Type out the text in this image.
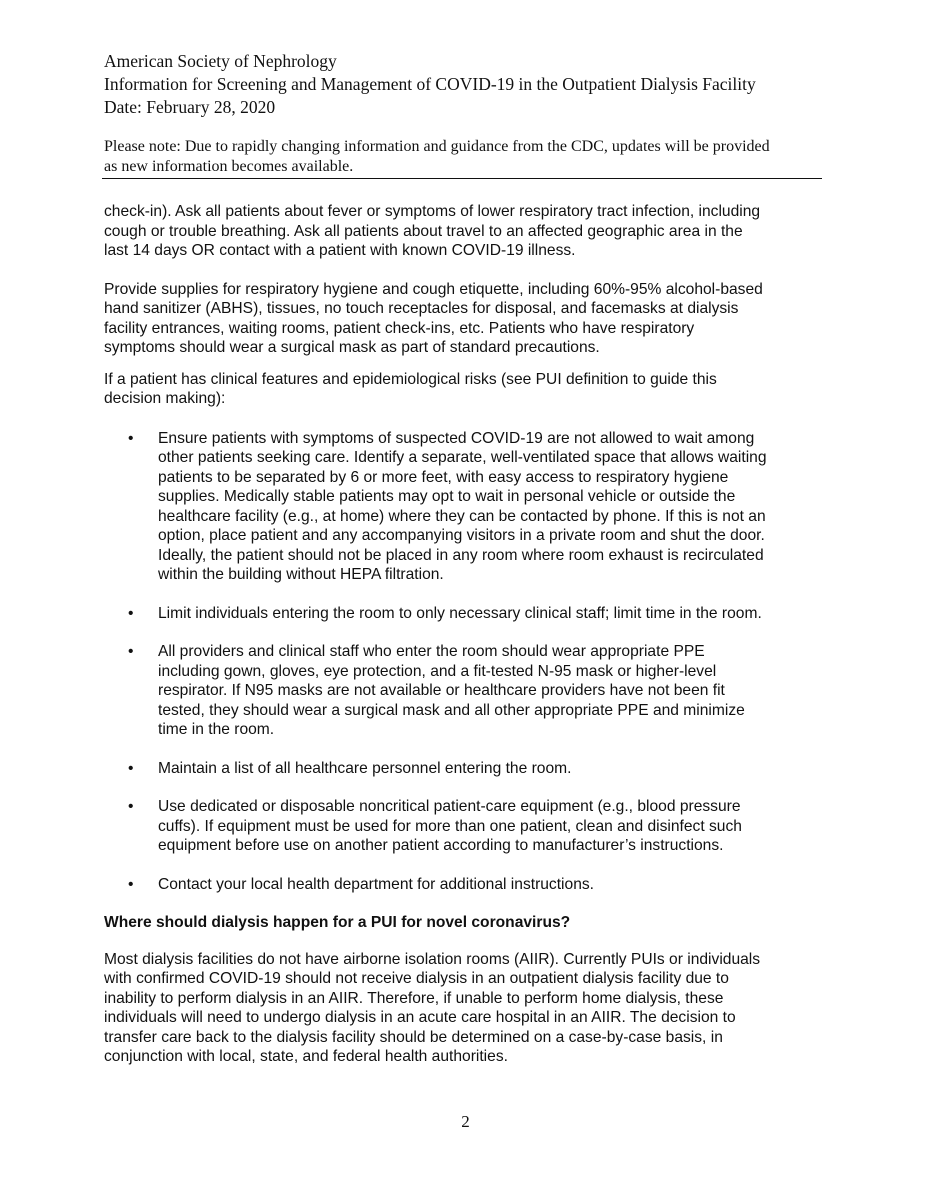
American Society of Nephrology
Information for Screening and Management of COVID-19 in the Outpatient Dialysis Facility
Date: February 28, 2020
Please note: Due to rapidly changing information and guidance from the CDC, updates will be provided
as new information becomes available.
check-in). Ask all patients about fever or symptoms of lower respiratory tract infection, including
cough or trouble breathing. Ask all patients about travel to an affected geographic area in the
last 14 days OR contact with a patient with known COVID-19 illness.
Provide supplies for respiratory hygiene and cough etiquette, including 60%-95% alcohol-based
hand sanitizer (ABHS), tissues, no touch receptacles for disposal, and facemasks at dialysis
facility entrances, waiting rooms, patient check-ins, etc. Patients who have respiratory
symptoms should wear a surgical mask as part of standard precautions.
If a patient has clinical features and epidemiological risks (see PUI definition to guide this
decision making):
• Ensure patients with symptoms of suspected COVID-19 are not allowed to wait among
other patients seeking care. Identify a separate, well-ventilated space that allows waiting
patients to be separated by 6 or more feet, with easy access to respiratory hygiene
supplies. Medically stable patients may opt to wait in personal vehicle or outside the
healthcare facility (e.g., at home) where they can be contacted by phone. If this is not an
option, place patient and any accompanying visitors in a private room and shut the door.
Ideally, the patient should not be placed in any room where room exhaust is recirculated
within the building without HEPA filtration.
• Limit individuals entering the room to only necessary clinical staff; limit time in the room.
• All providers and clinical staff who enter the room should wear appropriate PPE
including gown, gloves, eye protection, and a fit-tested N-95 mask or higher-level
respirator. If N95 masks are not available or healthcare providers have not been fit
tested, they should wear a surgical mask and all other appropriate PPE and minimize
time in the room.
• Maintain a list of all healthcare personnel entering the room.
• Use dedicated or disposable noncritical patient-care equipment (e.g., blood pressure
cuffs). If equipment must be used for more than one patient, clean and disinfect such
equipment before use on another patient according to manufacturer’s instructions.
• Contact your local health department for additional instructions.
Where should dialysis happen for a PUI for novel coronavirus?
Most dialysis facilities do not have airborne isolation rooms (AIIR). Currently PUIs or individuals
with confirmed COVID-19 should not receive dialysis in an outpatient dialysis facility due to
inability to perform dialysis in an AIIR. Therefore, if unable to perform home dialysis, these
individuals will need to undergo dialysis in an acute care hospital in an AIIR. The decision to
transfer care back to the dialysis facility should be determined on a case-by-case basis, in
conjunction with local, state, and federal health authorities.
2
